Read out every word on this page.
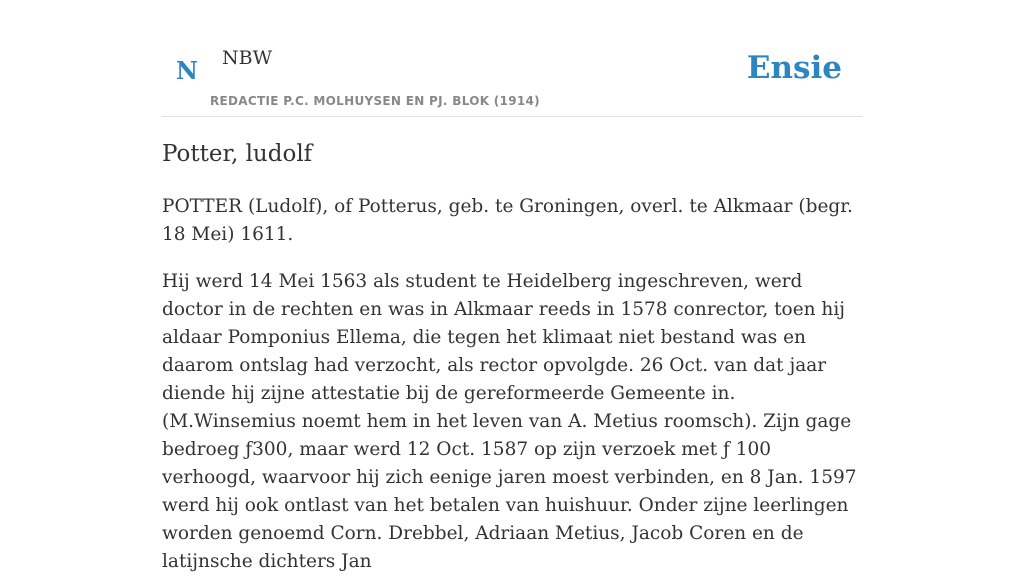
N NBW
REDACTIE P.C. MOLHUYSEN EN PJ. BLOK (1914)
Ensie
Potter, ludolf

POTTER (Ludolf), of Potterus, geb. te Groningen, overl. te Alkmaar (begr. 18 Mei) 1611.

Hij werd 14 Mei 1563 als student te Heidelberg ingeschreven, werd doctor in de rechten en was in Alkmaar reeds in 1578 conrector, toen hij aldaar Pomponius Ellema, die tegen het klimaat niet bestand was en daarom ontslag had verzocht, als rector opvolgde. 26 Oct. van dat jaar diende hij zijne attestatie bij de gereformeerde Gemeente in. (M.Winsemius noemt hem in het leven van A. Metius roomsch). Zijn gage bedroeg ƒ300, maar werd 12 Oct. 1587 op zijn verzoek met ƒ 100 verhoogd, waarvoor hij zich eenige jaren moest verbinden, en 8 Jan. 1597 werd hij ook ontlast van het betalen van huishuur. Onder zijne leerlingen worden genoemd Corn. Drebbel, Adriaan Metius, Jacob Coren en de latijnsche dichters Jan
